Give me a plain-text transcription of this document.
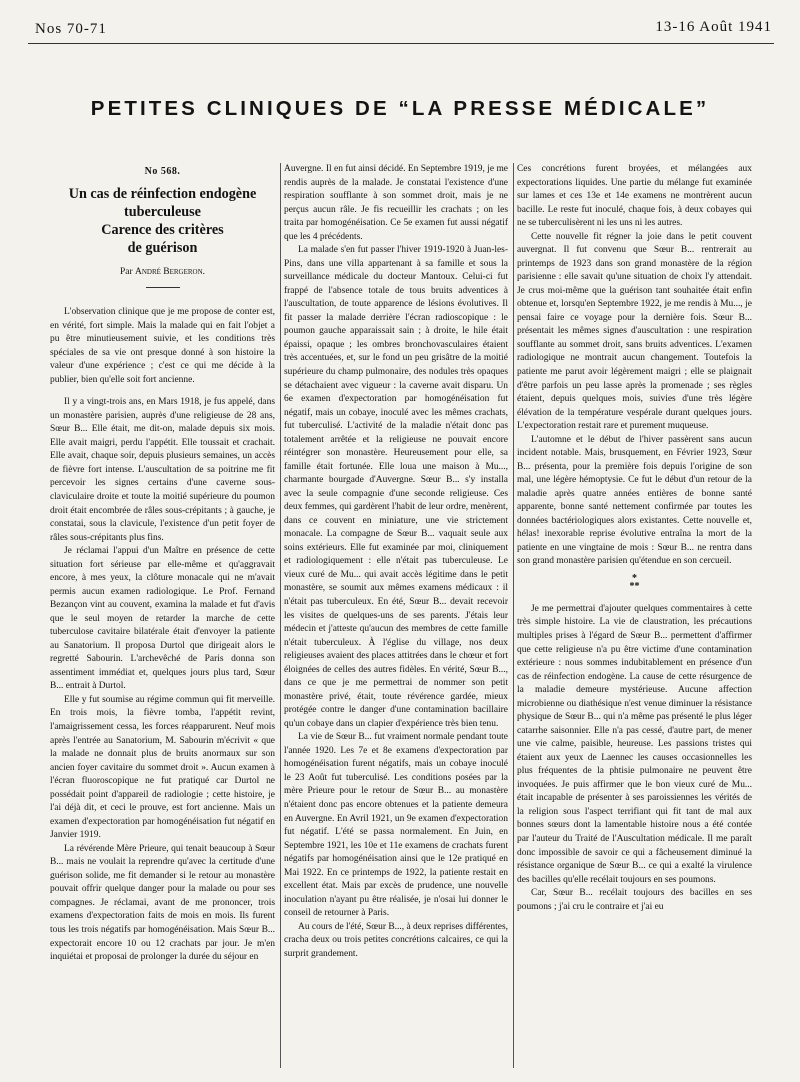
Nos 70-71	13-16 Août 1941
PETITES CLINIQUES DE “LA PRESSE MÉDICALE”
No 568.
Un cas de réinfection endogène
tuberculeuse
Carence des critères
de guérison
Par André Bergeron.

L'observation clinique que je me propose de conter est, en vérité, fort simple. Mais la malade qui en fait l'objet a pu être minutieusement suivie, et les conditions très spéciales de sa vie ont presque donné à son histoire la valeur d'une expérience ; c'est ce qui me décide à la publier, bien qu'elle soit fort ancienne.

Il y a vingt-trois ans, en Mars 1918, je fus appelé, dans un monastère parisien, auprès d'une religieuse de 28 ans, Sœur B... Elle était, me dit-on, malade depuis six mois. Elle avait maigri, perdu l'appétit. Elle toussait et crachait. Elle avait, chaque soir, depuis plusieurs semaines, un accès de fièvre fort intense. L'auscultation de sa poitrine me fit percevoir les signes certains d'une caverne sous-claviculaire droite et toute la moitié supérieure du poumon droit était encombrée de râles sous-crépitants ; à gauche, je constatai, sous la clavicule, l'existence d'un petit foyer de râles sous-crépitants plus fins.

Je réclamai l'appui d'un Maître en présence de cette situation fort sérieuse par elle-même et qu'aggravait encore, à mes yeux, la clôture monacale qui ne m'avait permis aucun examen radiologique. Le Prof. Fernand Bezançon vint au couvent, examina la malade et fut d'avis que le seul moyen de retarder la marche de cette tuberculose cavitaire bilatérale était d'envoyer la patiente au Sanatorium. Il proposa Durtol que dirigeait alors le regretté Sabourin. L'archevêché de Paris donna son assentiment immédiat et, quelques jours plus tard, Sœur B... entrait à Durtol.

Elle y fut soumise au régime commun qui fit merveille. En trois mois, la fièvre tomba, l'appétit revint, l'amaigrissement cessa, les forces réapparurent. Neuf mois après l'entrée au Sanatorium, M. Sabourin m'écrivit « que la malade ne donnait plus de bruits anormaux sur son ancien foyer cavitaire du sommet droit ». Aucun examen à l'écran fluoroscopique ne fut pratiqué car Durtol ne possédait point d'appareil de radiologie ; cette histoire, je l'ai déjà dit, et ceci le prouve, est fort ancienne. Mais un examen d'expectoration par homogénéisation fut négatif en Janvier 1919.

La révérende Mère Prieure, qui tenait beaucoup à Sœur B... mais ne voulait la reprendre qu'avec la certitude d'une guérison solide, me fit demander si le retour au monastère pouvait offrir quelque danger pour la malade ou pour ses compagnes. Je réclamai, avant de me prononcer, trois examens d'expectoration faits de mois en mois. Ils furent tous les trois négatifs par homogénéisation. Mais Sœur B... expectorait encore 10 ou 12 crachats par jour. Je m'en inquiétai et proposai de prolonger la durée du séjour en

Auvergne. Il en fut ainsi décidé. En Septembre 1919, je me rendis auprès de la malade. Je constatai l'existence d'une respiration soufflante à son sommet droit, mais je ne perçus aucun râle. Je fis recueillir les crachats ; on les traita par homogénéisation. Ce 5e examen fut aussi négatif que les 4 précédents.

La malade s'en fut passer l'hiver 1919-1920 à Juan-les-Pins, dans une villa appartenant à sa famille et sous la surveillance médicale du docteur Mantoux. Celui-ci fut frappé de l'absence totale de tous bruits adventices à l'auscultation, de toute apparence de lésions évolutives. Il fit passer la malade derrière l'écran radioscopique : le poumon gauche apparaissait sain ; à droite, le hile était épaissi, opaque ; les ombres bronchovasculaires étaient très accentuées, et, sur le fond un peu grisâtre de la moitié supérieure du champ pulmonaire, des nodules très opaques se détachaient avec vigueur : la caverne avait disparu. Un 6e examen d'expectoration par homogénéisation fut négatif, mais un cobaye, inoculé avec les mêmes crachats, fut tuberculisé. L'activité de la maladie n'était donc pas totalement arrêtée et la religieuse ne pouvait encore réintégrer son monastère. Heureusement pour elle, sa famille était fortunée. Elle loua une maison à Mu..., charmante bourgade d'Auvergne. Sœur B... s'y installa avec la seule compagnie d'une seconde religieuse. Ces deux femmes, qui gardèrent l'habit de leur ordre, menèrent, dans ce couvent en miniature, une vie strictement monacale. La compagne de Sœur B... vaquait seule aux soins extérieurs. Elle fut examinée par moi, cliniquement et radiologiquement : elle n'était pas tuberculeuse. Le vieux curé de Mu... qui avait accès légitime dans le petit monastère, se soumit aux mêmes examens médicaux : il n'était pas tuberculeux. En été, Sœur B... devait recevoir les visites de quelques-uns de ses parents. J'étais leur médecin et j'atteste qu'aucun des membres de cette famille n'était tuberculeux. À l'église du village, nos deux religieuses avaient des places attitrées dans le chœur et fort éloignées de celles des autres fidèles. En vérité, Sœur B..., dans ce que je me permettrai de nommer son petit monastère privé, était, toute révérence gardée, mieux protégée contre le danger d'une contamination bacillaire qu'un cobaye dans un clapier d'expérience très bien tenu.

La vie de Sœur B... fut vraiment normale pendant toute l'année 1920. Les 7e et 8e examens d'expectoration par homogénéisation furent négatifs, mais un cobaye inoculé le 23 Août fut tuberculisé. Les conditions posées par la mère Prieure pour le retour de Sœur B... au monastère n'étaient donc pas encore obtenues et la patiente demeura en Auvergne. En Avril 1921, un 9e examen d'expectoration fut négatif. L'été se passa normalement. En Juin, en Septembre 1921, les 10e et 11e examens de crachats furent négatifs par homogénéisation ainsi que le 12e pratiqué en Mai 1922. En ce printemps de 1922, la patiente restait en excellent état. Mais par excès de prudence, une nouvelle inoculation n'ayant pu être réalisée, je n'osai lui donner le conseil de retourner à Paris.

Au cours de l'été, Sœur B..., à deux reprises différentes, cracha deux ou trois petites concrétions calcaires, ce qui la surprit grandement.

Ces concrétions furent broyées, et mélangées aux expectorations liquides. Une partie du mélange fut examinée sur lames et ces 13e et 14e examens ne montrèrent aucun bacille. Le reste fut inoculé, chaque fois, à deux cobayes qui ne se tuberculisèrent ni les uns ni les autres.

Cette nouvelle fit régner la joie dans le petit couvent auvergnat. Il fut convenu que Sœur B... rentrerait au printemps de 1923 dans son grand monastère de la région parisienne : elle savait qu'une situation de choix l'y attendait. Je crus moi-même que la guérison tant souhaitée était enfin obtenue et, lorsqu'en Septembre 1922, je me rendis à Mu..., je pensai faire ce voyage pour la dernière fois. Sœur B... présentait les mêmes signes d'auscultation : une respiration soufflante au sommet droit, sans bruits adventices. L'examen radiologique ne montrait aucun changement. Toutefois la patiente me parut avoir légèrement maigri ; elle se plaignait d'être parfois un peu lasse après la promenade ; ses règles étaient, depuis quelques mois, suivies d'une très légère élévation de la température vespérale durant quelques jours. L'expectoration restait rare et purement muqueuse.

L'automne et le début de l'hiver passèrent sans aucun incident notable. Mais, brusquement, en Février 1923, Sœur B... présenta, pour la première fois depuis l'origine de son mal, une légère hémoptysie. Ce fut le début d'un retour de la maladie après quatre années entières de bonne santé apparente, bonne santé nettement confirmée par toutes les données bactériologiques alors existantes. Cette nouvelle et, hélas! inexorable reprise évolutive entraîna la mort de la patiente en une vingtaine de mois : Sœur B... ne rentra dans son grand monastère parisien qu'étendue en son cercueil.

*
**

Je me permettrai d'ajouter quelques commentaires à cette très simple histoire. La vie de claustration, les précautions multiples prises à l'égard de Sœur B... permettent d'affirmer que cette religieuse n'a pu être victime d'une contamination extérieure : nous sommes indubitablement en présence d'un cas de réinfection endogène. La cause de cette résurgence de la maladie demeure mystérieuse. Aucune affection microbienne ou diathésique n'est venue diminuer la résistance physique de Sœur B... qui n'a même pas présenté le plus léger catarrhe saisonnier. Elle n'a pas cessé, d'autre part, de mener une vie calme, paisible, heureuse. Les passions tristes qui étaient aux yeux de Laennec les causes occasionnelles les plus fréquentes de la phtisie pulmonaire ne peuvent être invoquées. Je puis affirmer que le bon vieux curé de Mu... était incapable de présenter à ses paroissiennes les vérités de la religion sous l'aspect terrifiant qui fit tant de mal aux bonnes sœurs dont la lamentable histoire nous a été contée par l'auteur du Traité de l'Auscultation médicale. Il me paraît donc impossible de savoir ce qui a fâcheusement diminué la résistance organique de Sœur B... ce qui a exalté la virulence des bacilles qu'elle recélait toujours en ses poumons.

Car, Sœur B... recélait toujours des bacilles en ses poumons ; j'ai cru le contraire et j'ai eu
